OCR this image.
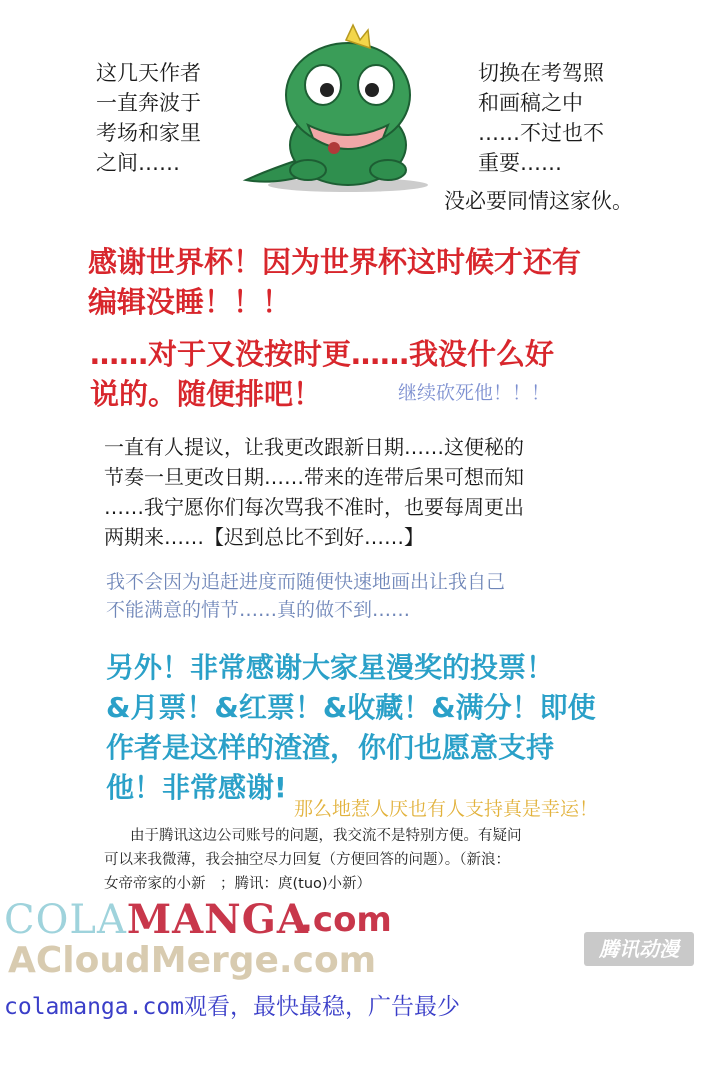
这几天作者
一直奔波于
考场和家里
之间……
切换在考驾照
和画稿之中
……不过也不
重要……
没必要同情这家伙。
感谢世界杯！因为世界杯这时候才还有
编辑没睡！！！
……对于又没按时更……我没什么好
说的。随便排吧！	继续砍死他！！！
一直有人提议，让我更改跟新日期……这便秘的
节奏一旦更改日期……带来的连带后果可想而知
……我宁愿你们每次骂我不准时，也要每周更出
两期来……【迟到总比不到好……】
我不会因为追赶进度而随便快速地画出让我自己
不能满意的情节……真的做不到……
另外！非常感谢大家星漫奖的投票！
&月票！&红票！&收藏！&满分！即使
作者是这样的渣渣，你们也愿意支持
他！非常感谢!
那么地惹人厌也有人支持真是幸运！
由于腾讯这边公司账号的问题，我交流不是特别方便。有疑问
可以来我微薄，我会抽空尽力回复（方便回答的问题）。（新浪：
女帝帝家的小新　；腾讯：庹(tuo)小新）
COLAMANGA
.com
ACloudMerge.com	腾讯动漫
colamanga.com观看，最快最稳，广告最少
